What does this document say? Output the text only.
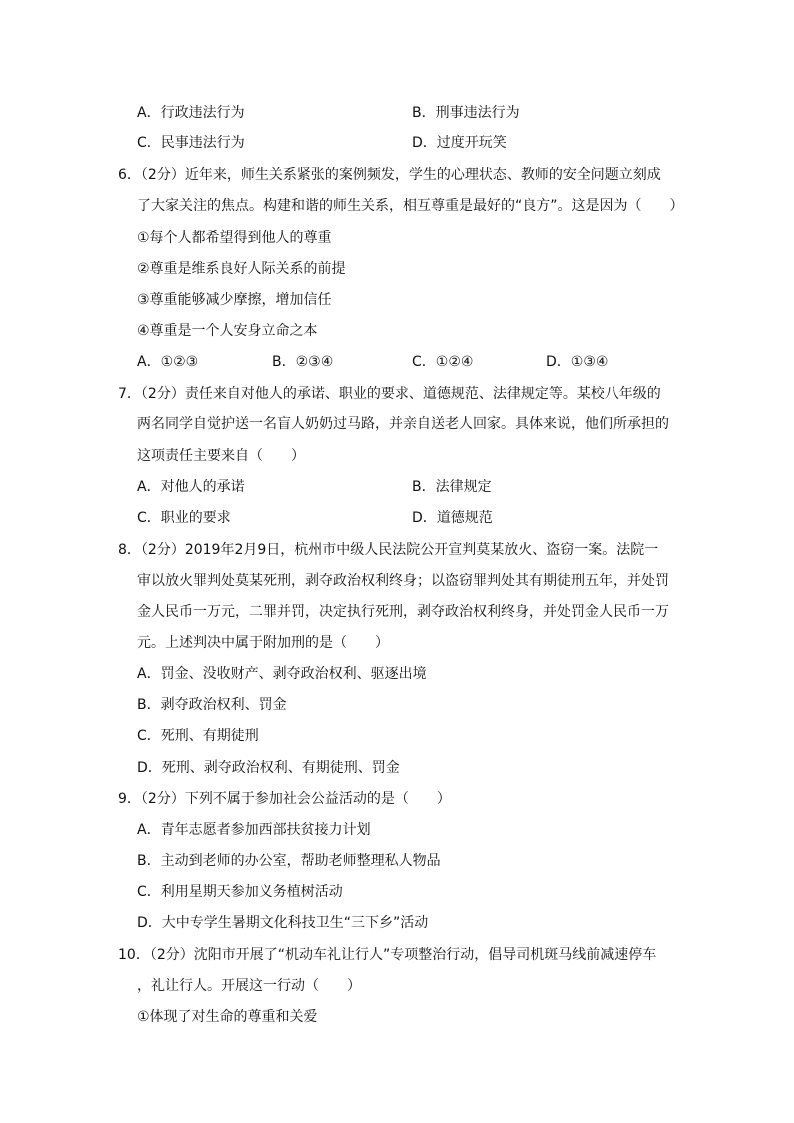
A．行政违法行为	B．刑事违法行为
C．民事违法行为	D．过度开玩笑
6．（2分）近年来，师生关系紧张的案例频发，学生的心理状态、教师的安全问题立刻成
了大家关注的焦点。构建和谐的师生关系，相互尊重是最好的“良方”。这是因为（　　）
①每个人都希望得到他人的尊重
②尊重是维系良好人际关系的前提
③尊重能够减少摩擦，增加信任
④尊重是一个人安身立命之本
A．①②③	B．②③④	C．①②④	D．①③④
7．（2分）责任来自对他人的承诺、职业的要求、道德规范、法律规定等。某校八年级的
两名同学自觉护送一名盲人奶奶过马路，并亲自送老人回家。具体来说，他们所承担的
这项责任主要来自（　　）
A．对他人的承诺	B．法律规定
C．职业的要求	D．道德规范
8．（2分）2019年2月9日，杭州市中级人民法院公开宣判莫某放火、盗窃一案。法院一
审以放火罪判处莫某死刑，剥夺政治权利终身；以盗窃罪判处其有期徒刑五年，并处罚
金人民币一万元，二罪并罚，决定执行死刑，剥夺政治权利终身，并处罚金人民币一万
元。上述判决中属于附加刑的是（　　）
A．罚金、没收财产、剥夺政治权利、驱逐出境
B．剥夺政治权利、罚金
C．死刑、有期徒刑
D．死刑、剥夺政治权利、有期徒刑、罚金
9．（2分）下列不属于参加社会公益活动的是（　　）
A．青年志愿者参加西部扶贫接力计划
B．主动到老师的办公室，帮助老师整理私人物品
C．利用星期天参加义务植树活动
D．大中专学生暑期文化科技卫生“三下乡”活动
10．（2分）沈阳市开展了“机动车礼让行人”专项整治行动，倡导司机斑马线前减速停车
，礼让行人。开展这一行动（　　）
①体现了对生命的尊重和关爱
